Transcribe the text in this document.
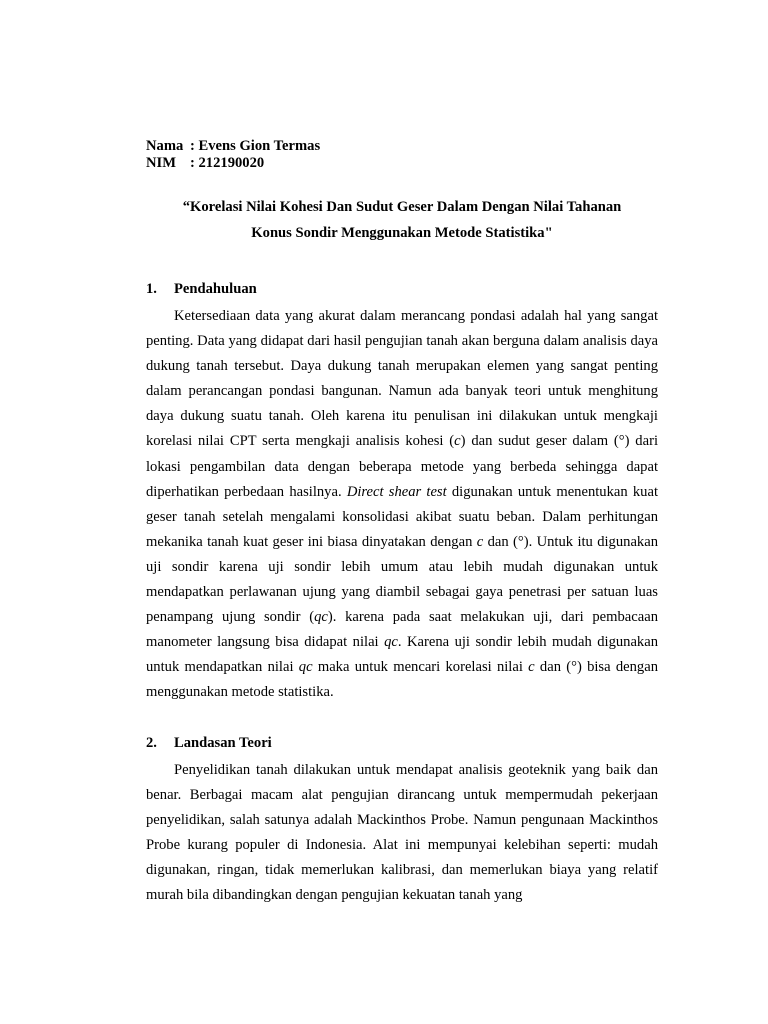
Nama : Evens Gion Termas
NIM : 212190020
“Korelasi Nilai Kohesi Dan Sudut Geser Dalam Dengan Nilai Tahanan
Konus Sondir Menggunakan Metode Statistika"
1. Pendahuluan

Ketersediaan data yang akurat dalam merancang pondasi adalah hal yang sangat penting. Data yang didapat dari hasil pengujian tanah akan berguna dalam analisis daya dukung tanah tersebut. Daya dukung tanah merupakan elemen yang sangat penting dalam perancangan pondasi bangunan. Namun ada banyak teori untuk menghitung daya dukung suatu tanah. Oleh karena itu penulisan ini dilakukan untuk mengkaji korelasi nilai CPT serta mengkaji analisis kohesi (c) dan sudut geser dalam (°) dari lokasi pengambilan data dengan beberapa metode yang berbeda sehingga dapat diperhatikan perbedaan hasilnya. Direct shear test digunakan untuk menentukan kuat geser tanah setelah mengalami konsolidasi akibat suatu beban. Dalam perhitungan mekanika tanah kuat geser ini biasa dinyatakan dengan c dan (°). Untuk itu digunakan uji sondir karena uji sondir lebih umum atau lebih mudah digunakan untuk mendapatkan perlawanan ujung yang diambil sebagai gaya penetrasi per satuan luas penampang ujung sondir (qc). karena pada saat melakukan uji, dari pembacaan manometer langsung bisa didapat nilai qc. Karena uji sondir lebih mudah digunakan untuk mendapatkan nilai qc maka untuk mencari korelasi nilai c dan (°) bisa dengan menggunakan metode statistika.

2. Landasan Teori

Penyelidikan tanah dilakukan untuk mendapat analisis geoteknik yang baik dan benar. Berbagai macam alat pengujian dirancang untuk mempermudah pekerjaan penyelidikan, salah satunya adalah Mackinthos Probe. Namun pengunaan Mackinthos Probe kurang populer di Indonesia. Alat ini mempunyai kelebihan seperti: mudah digunakan, ringan, tidak memerlukan kalibrasi, dan memerlukan biaya yang relatif murah bila dibandingkan dengan pengujian kekuatan tanah yang
